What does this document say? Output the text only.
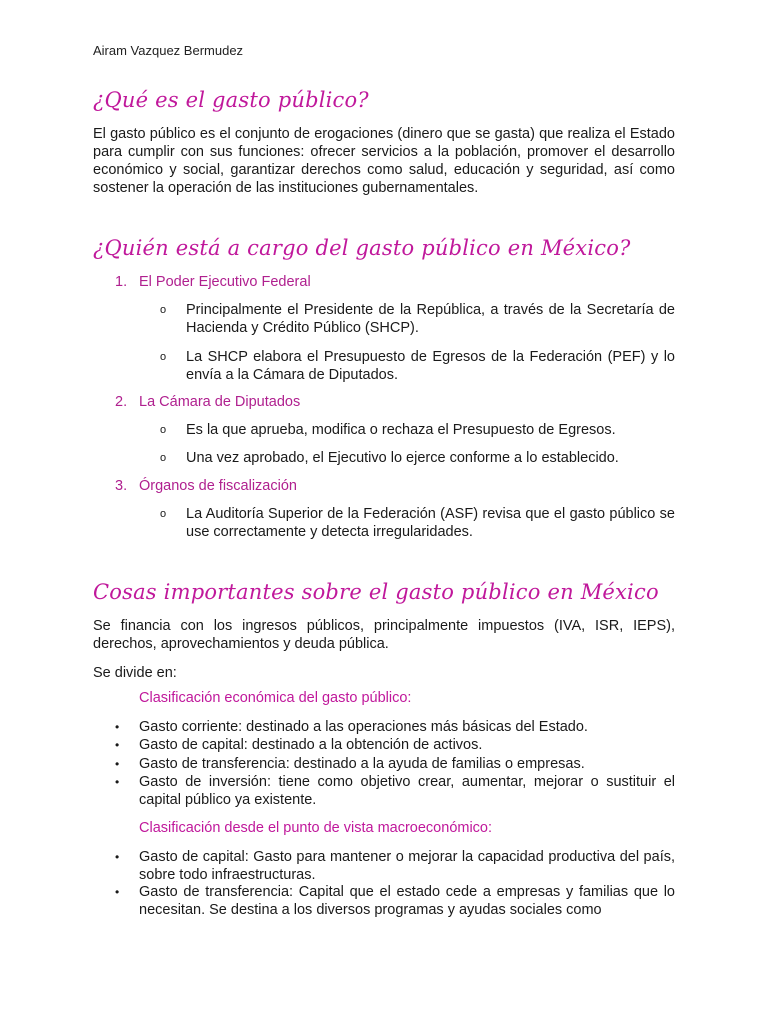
Airam Vazquez Bermudez
¿Qué es el gasto público?

El gasto público es el conjunto de erogaciones (dinero que se gasta) que realiza el Estado para cumplir con sus funciones: ofrecer servicios a la población, promover el desarrollo económico y social, garantizar derechos como salud, educación y seguridad, así como sostener la operación de las instituciones gubernamentales.

¿Quién está a cargo del gasto público en México?
1. El Poder Ejecutivo Federal
o Principalmente el Presidente de la República, a través de la Secretaría de Hacienda y Crédito Público (SHCP).
o La SHCP elabora el Presupuesto de Egresos de la Federación (PEF) y lo envía a la Cámara de Diputados.
2. La Cámara de Diputados
o Es la que aprueba, modifica o rechaza el Presupuesto de Egresos.
o Una vez aprobado, el Ejecutivo lo ejerce conforme a lo establecido.
3. Órganos de fiscalización
o La Auditoría Superior de la Federación (ASF) revisa que el gasto público se use correctamente y detecta irregularidades.
Cosas importantes sobre el gasto público en México

Se financia con los ingresos públicos, principalmente impuestos (IVA, ISR, IEPS), derechos, aprovechamientos y deuda pública.

Se divide en:

Clasificación económica del gasto público:
• Gasto corriente: destinado a las operaciones más básicas del Estado.
• Gasto de capital: destinado a la obtención de activos.
• Gasto de transferencia: destinado a la ayuda de familias o empresas.
• Gasto de inversión: tiene como objetivo crear, aumentar, mejorar o sustituir el capital público ya existente.
Clasificación desde el punto de vista macroeconómico:
• Gasto de capital: Gasto para mantener o mejorar la capacidad productiva del país, sobre todo infraestructuras.
• Gasto de transferencia: Capital que el estado cede a empresas y familias que lo necesitan. Se destina a los diversos programas y ayudas sociales como
